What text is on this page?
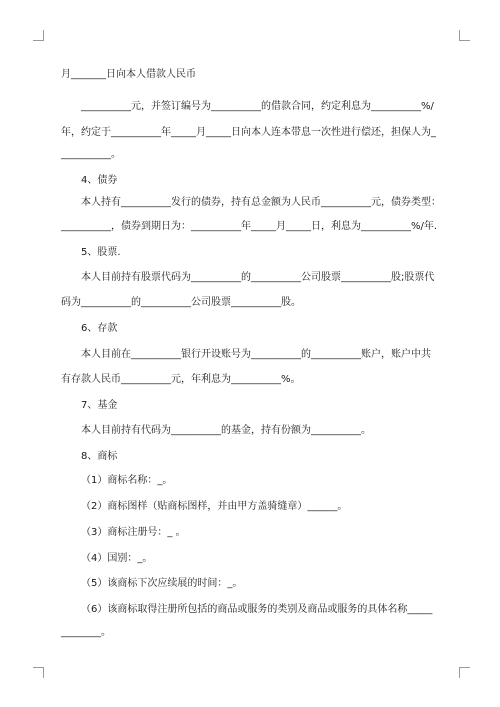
月_______日向本人借款人民币
__________元，并签订编号为__________的借款合同，约定利息为__________%/
年，约定于__________年_____月_____日向本人连本带息一次性进行偿还，担保人为_
__________。
4、债券
本人持有__________发行的债券，持有总金额为人民币__________元，债券类型：
__________，债券到期日为：__________年_____月_____日，利息为__________%/年.
5、股票.
本人目前持有股票代码为__________的__________公司股票__________股;股票代
码为__________的__________公司股票__________股。
6、存款
本人目前在__________银行开设账号为__________的__________账户，账户中共
有存款人民币__________元，年利息为__________%。
7、基金
本人目前持有代码为__________的基金，持有份额为__________。
8、商标
（1）商标名称：_。
（2）商标图样（贴商标图样，并由甲方盖骑缝章）______。
（3）商标注册号：_ 。
（4）国别：_。
（5）该商标下次应续展的时间：_。
（6）该商标取得注册所包括的商品或服务的类别及商品或服务的具体名称_____
________。
